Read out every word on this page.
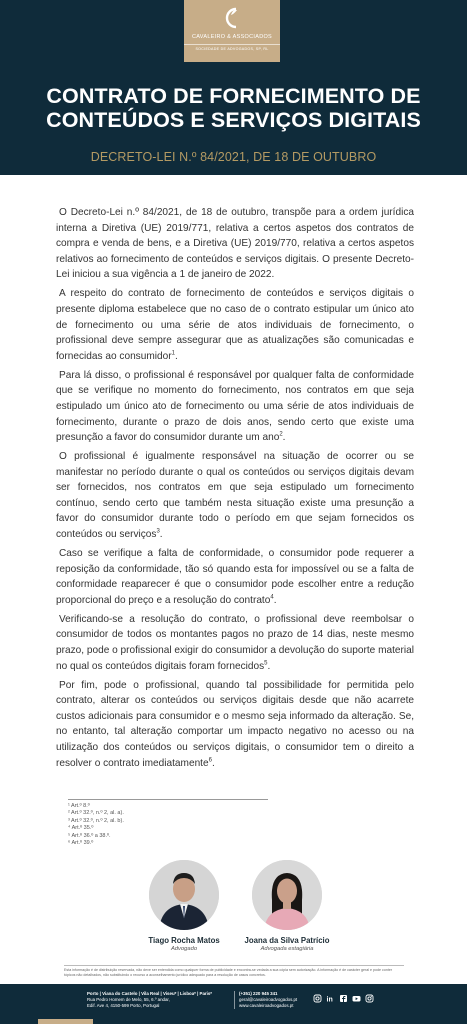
CAVALEIRO & ASSOCIADOS
SOCIEDADE DE ADVOGADOS, SP, RL
CONTRATO DE FORNECIMENTO DE
CONTEÚDOS E SERVIÇOS DIGITAIS
DECRETO-LEI N.º 84/2021, DE 18 DE OUTUBRO

O Decreto-Lei n.º 84/2021, de 18 de outubro, transpõe para a ordem jurídica interna a Diretiva (UE) 2019/771, relativa a certos aspetos dos contratos de compra e venda de bens, e a Diretiva (UE) 2019/770, relativa a certos aspetos relativos ao fornecimento de conteúdos e serviços digitais. O presente Decreto-Lei iniciou a sua vigência a 1 de janeiro de 2022.

A respeito do contrato de fornecimento de conteúdos e serviços digitais o presente diploma estabelece que no caso de o contrato estipular um único ato de fornecimento ou uma série de atos individuais de fornecimento, o profissional deve sempre assegurar que as atualizações são comunicadas e fornecidas ao consumidor$^1$.

Para lá disso, o profissional é responsável por qualquer falta de conformidade que se verifique no momento do fornecimento, nos contratos em que seja estipulado um único ato de fornecimento ou uma série de atos individuais de fornecimento, durante o prazo de dois anos, sendo certo que existe uma presunção a favor do consumidor durante um ano$^2$.

O profissional é igualmente responsável na situação de ocorrer ou se manifestar no período durante o qual os conteúdos ou serviços digitais devam ser fornecidos, nos contratos em que seja estipulado um fornecimento contínuo, sendo certo que também nesta situação existe uma presunção a favor do consumidor durante todo o período em que sejam fornecidos os conteúdos ou serviços$^3$.

Caso se verifique a falta de conformidade, o consumidor pode requerer a reposição da conformidade, tão só quando esta for impossível ou se a falta de conformidade reaparecer é que o consumidor pode escolher entre a redução proporcional do preço e a resolução do contrato$^4$.

Verificando-se a resolução do contrato, o profissional deve reembolsar o consumidor de todos os montantes pagos no prazo de 14 dias, neste mesmo prazo, pode o profissional exigir do consumidor a devolução do suporte material no qual os conteúdos digitais foram fornecidos$^5$.

Por fim, pode o profissional, quando tal possibilidade for permitida pelo contrato, alterar os conteúdos ou serviços digitais desde que não acarrete custos adicionais para consumidor e o mesmo seja informado da alteração. Se, no entanto, tal alteração comportar um impacto negativo no acesso ou na utilização dos conteúdos ou serviços digitais, o consumidor tem o direito a resolver o contrato imediatamente$^6$.

¹ Art.º 8.º
² Art.º 32.º, n.º 2, al. a).
³ Art.º 32.º, n.º 2, al. b).
⁴ Art.º 35.º
⁵ Art.º 36.º a 38.º.
⁶ Art.º 39.º
Tiago Rocha Matos
Advogado
Joana da Silva Patrício
Advogada estagiária
Esta informação é de distribuição reservada, não deve ser entendida como qualquer forma de publicidade e encontra-se vedada a sua cópia sem autorização. A informação é de carácter geral e pode conter tópicos não detalhados, não substituindo o recurso a aconselhamento jurídico adequado para a resolução de casos concretos.
Porto | Viana do Castelo | Vila Real | Viseu* | Lisboa* | Paris*
Rua Pedro Homem de Melo, 55, 6.º andar,
Edif. Ave 4, 4150-599 Porto, Portugal
(+351) 220 945 341
geral@cavaleiroadvogados.pt
www.cavaleiroadvogados.pt
in
